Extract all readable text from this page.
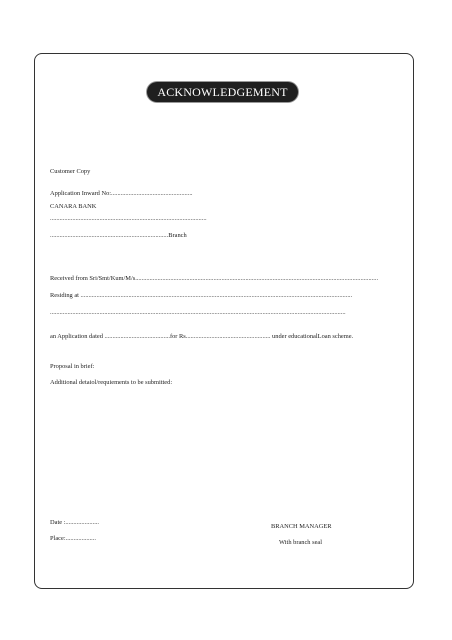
ACKNOWLEDGEMENT
Customer Copy
Application Inward No:...................................................
CANARA BANK
..................................................................................................
..........................................................................Branch
Received from Sri/Smt/Kum/M/s........................................................................................................................................................
Residing at ..........................................................................................................................................................................
.........................................................................................................................................................................................
an Application dated .........................................for Rs..................................................... under educationalLoan scheme.
Proposal in brief:
Additional detaiol/requiements to be submitted:
Date :.....................
Place:...................
BRANCH MANAGER
With branch seal
